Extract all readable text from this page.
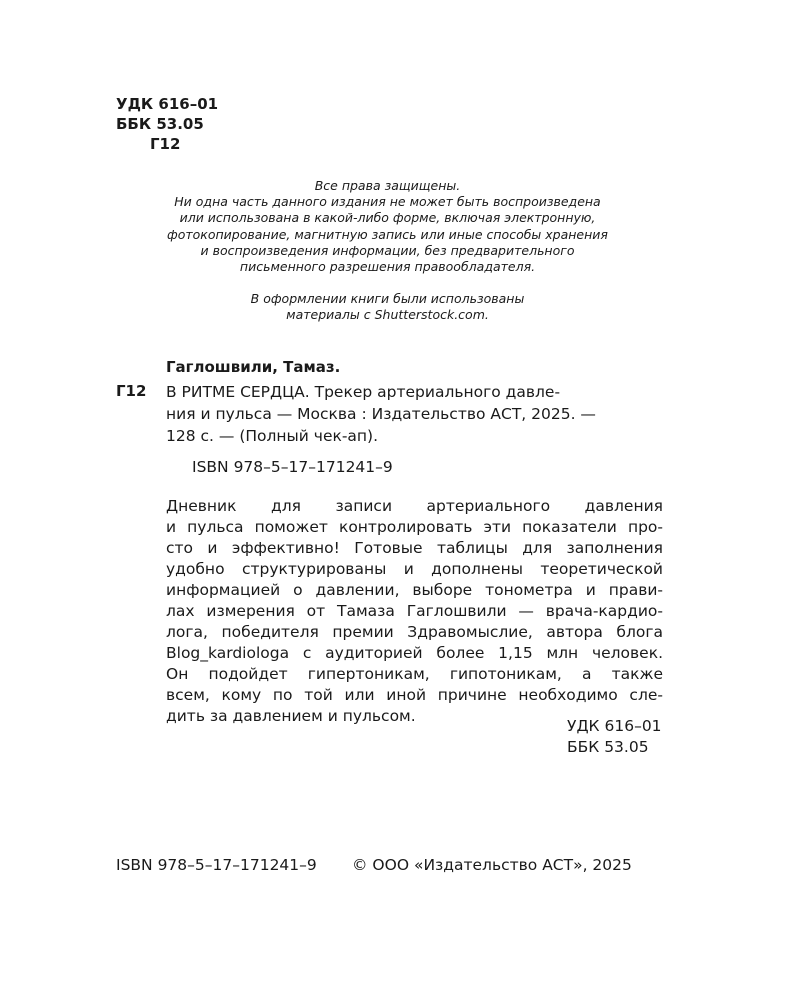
УДК 616–01
ББК 53.05
Г12

Все права защищены.

Ни одна часть данного издания не может быть воспроизведена

или использована в какой-либо форме, включая электронную,

фотокопирование, магнитную запись или иные способы хранения

и воспроизведения информации, без предварительного

письменного разрешения правообладателя.

В оформлении книги были использованы

материалы с Shutterstock.com.

Гаглошвили, Тамаз.
Г12 В РИТМЕ СЕРДЦА. Трекер артериального давле-
ния и пульса — Москва : Издательство АСТ, 2025. —
128 с. — (Полный чек-ап).
ISBN 978–5–17–171241–9
Дневник для записи артериального давления
и пульса поможет контролировать эти показатели про-
сто и эффективно! Готовые таблицы для заполнения
удобно структурированы и дополнены теоретической
информацией о давлении, выборе тонометра и прави-
лах измерения от Тамаза Гаглошвили — врача-кардио-
лога, победителя премии Здравомыслие, автора блога
Blog_kardiologa с аудиторией более 1,15 млн человек.
Он подойдет гипертоникам, гипотоникам, а также
всем, кому по той или иной причине необходимо сле-
дить за давлением и пульсом.
УДК 616–01
ББК 53.05
ISBN 978–5–17–171241–9 © ООО «Издательство АСТ», 2025
